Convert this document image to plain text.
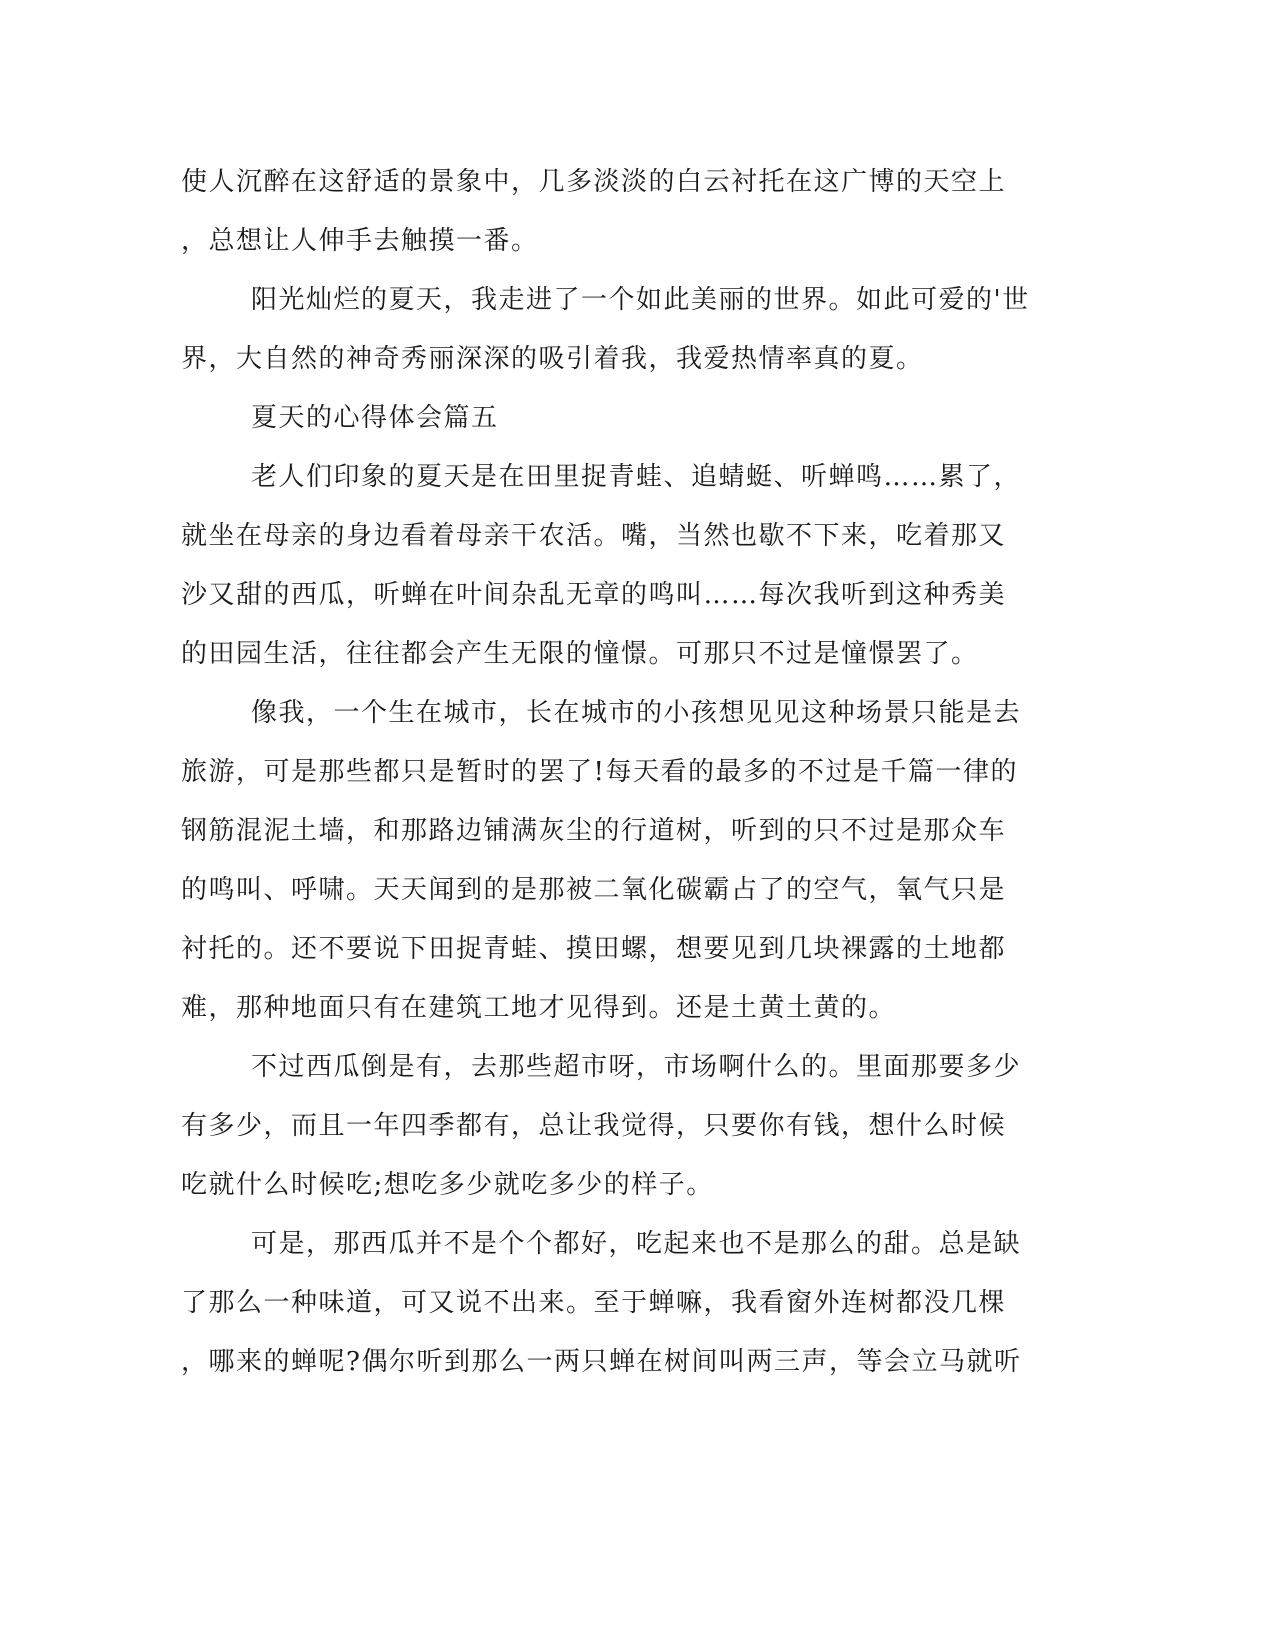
使人沉醉在这舒适的景象中，几多淡淡的白云衬托在这广博的天空上
，总想让人伸手去触摸一番。
阳光灿烂的夏天，我走进了一个如此美丽的世界。如此可爱的'世
界，大自然的神奇秀丽深深的吸引着我，我爱热情率真的夏。
夏天的心得体会篇五
老人们印象的夏天是在田里捉青蛙、追蜻蜓、听蝉鸣……累了，
就坐在母亲的身边看着母亲干农活。嘴，当然也歇不下来，吃着那又
沙又甜的西瓜，听蝉在叶间杂乱无章的鸣叫……每次我听到这种秀美
的田园生活，往往都会产生无限的憧憬。可那只不过是憧憬罢了。
像我，一个生在城市，长在城市的小孩想见见这种场景只能是去
旅游，可是那些都只是暂时的罢了!每天看的最多的不过是千篇一律的
钢筋混泥土墙，和那路边铺满灰尘的行道树，听到的只不过是那众车
的鸣叫、呼啸。天天闻到的是那被二氧化碳霸占了的空气，氧气只是
衬托的。还不要说下田捉青蛙、摸田螺，想要见到几块裸露的土地都
难，那种地面只有在建筑工地才见得到。还是土黄土黄的。
不过西瓜倒是有，去那些超市呀，市场啊什么的。里面那要多少
有多少，而且一年四季都有，总让我觉得，只要你有钱，想什么时候
吃就什么时候吃;想吃多少就吃多少的样子。
可是，那西瓜并不是个个都好，吃起来也不是那么的甜。总是缺
了那么一种味道，可又说不出来。至于蝉嘛，我看窗外连树都没几棵
，哪来的蝉呢?偶尔听到那么一两只蝉在树间叫两三声，等会立马就听
